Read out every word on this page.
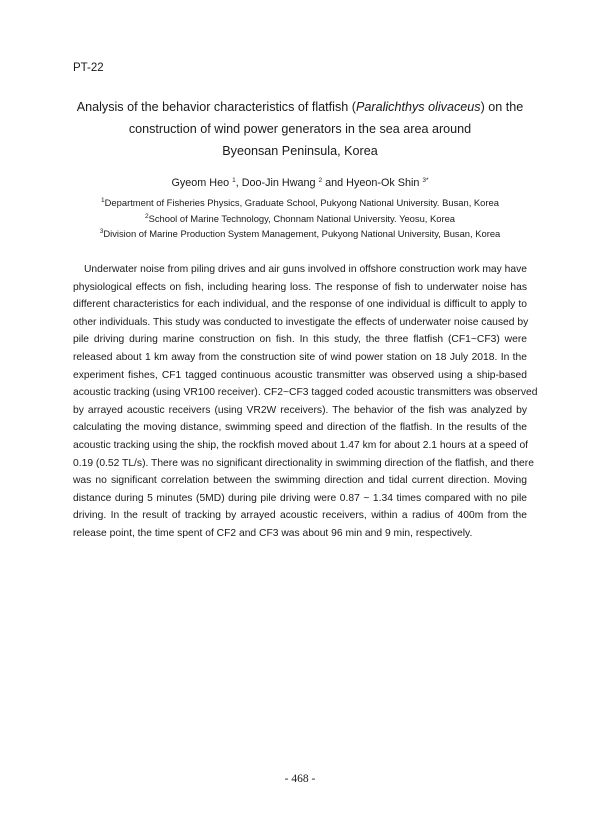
PT-22
Analysis of the behavior characteristics of flatfish (Paralichthys olivaceus) on the
construction of wind power generators in the sea area around
Byeonsan Peninsula, Korea
Gyeom Heo $^1$, Doo-Jin Hwang $^2$ and Hyeon-Ok Shin $^{3*}$
$^1$Department of Fisheries Physics, Graduate School, Pukyong National University. Busan, Korea
$^2$School of Marine Technology, Chonnam National University. Yeosu, Korea
$^3$Division of Marine Production System Management, Pukyong National University, Busan, Korea
Underwater noise from piling drives and air guns involved in offshore construction work may have
physiological effects on fish, including hearing loss. The response of fish to underwater noise has
different characteristics for each individual, and the response of one individual is difficult to apply to
other individuals. This study was conducted to investigate the effects of underwater noise caused by
pile driving during marine construction on fish. In this study, the three flatfish (CF1~CF3) were
released about 1 km away from the construction site of wind power station on 18 July 2018. In the
experiment fishes, CF1 tagged continuous acoustic transmitter was observed using a ship-based
acoustic tracking (using VR100 receiver). CF2~CF3 tagged coded acoustic transmitters was observed
by arrayed acoustic receivers (using VR2W receivers). The behavior of the fish was analyzed by
calculating the moving distance, swimming speed and direction of the flatfish. In the results of the
acoustic tracking using the ship, the rockfish moved about 1.47 km for about 2.1 hours at a speed of
0.19 (0.52 TL/s). There was no significant directionality in swimming direction of the flatfish, and there
was no significant correlation between the swimming direction and tidal current direction. Moving
distance during 5 minutes (5MD) during pile driving were 0.87 ~ 1.34 times compared with no pile
driving. In the result of tracking by arrayed acoustic receivers, within a radius of 400m from the
release point, the time spent of CF2 and CF3 was about 96 min and 9 min, respectively.
- 468 -
